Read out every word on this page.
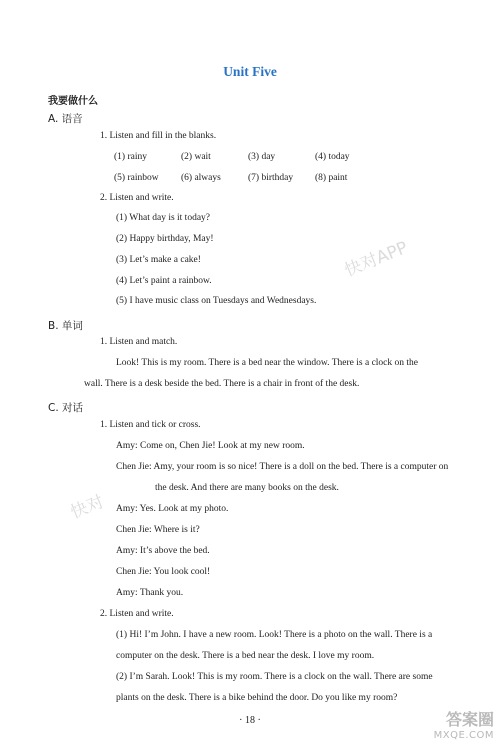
Unit Five
我要做什么
A. 语音
1. Listen and fill in the blanks.
(1) rainy	(2) wait	(3) day	(4) today
(5) rainbow	(6) always	(7) birthday	(8) paint
2. Listen and write.
(1) What day is it today?
(2) Happy birthday, May!
(3) Let’s make a cake!
(4) Let’s paint a rainbow.
(5) I have music class on Tuesdays and Wednesdays.
B. 单词
1. Listen and match.
Look! This is my room. There is a bed near the window. There is a clock on the
wall. There is a desk beside the bed. There is a chair in front of the desk.
C. 对话
1. Listen and tick or cross.
Amy: Come on, Chen Jie! Look at my new room.
Chen Jie: Amy, your room is so nice! There is a doll on the bed. There is a computer on
the desk. And there are many books on the desk.
Amy: Yes. Look at my photo.
Chen Jie: Where is it?
Amy: It’s above the bed.
Chen Jie: You look cool!
Amy: Thank you.
2. Listen and write.
(1) Hi! I’m John. I have a new room. Look! There is a photo on the wall. There is a
computer on the desk. There is a bed near the desk. I love my room.
(2) I’m Sarah. Look! This is my room. There is a clock on the wall. There are some
plants on the desk. There is a bike behind the door. Do you like my room?
· 18 ·
快对APP
快对
答案圈
MXQE.COM
